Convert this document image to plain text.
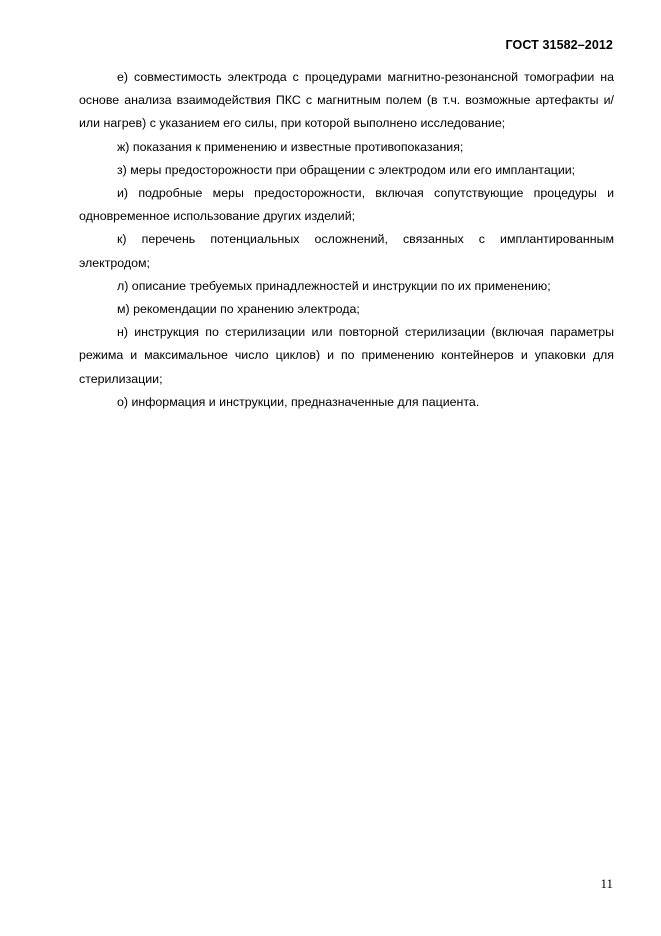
ГОСТ 31582–2012

е) совместимость электрода с процедурами магнитно-резонансной томографии на основе анализа взаимодействия ПКС с магнитным полем (в т.ч. возможные артефакты и/или нагрев) с указанием его силы, при которой выполнено исследование;

ж) показания к применению и известные противопоказания;

з) меры предосторожности при обращении с электродом или его имплантации;

и) подробные меры предосторожности, включая сопутствующие процедуры и одновременное использование других изделий;

к) перечень потенциальных осложнений, связанных с имплантированным электродом;

л) описание требуемых принадлежностей и инструкции по их применению;

м) рекомендации по хранению электрода;

н) инструкция по стерилизации или повторной стерилизации (включая параметры режима и максимальное число циклов) и по применению контейнеров и упаковки для стерилизации;

о) информация и инструкции, предназначенные для пациента.

11
